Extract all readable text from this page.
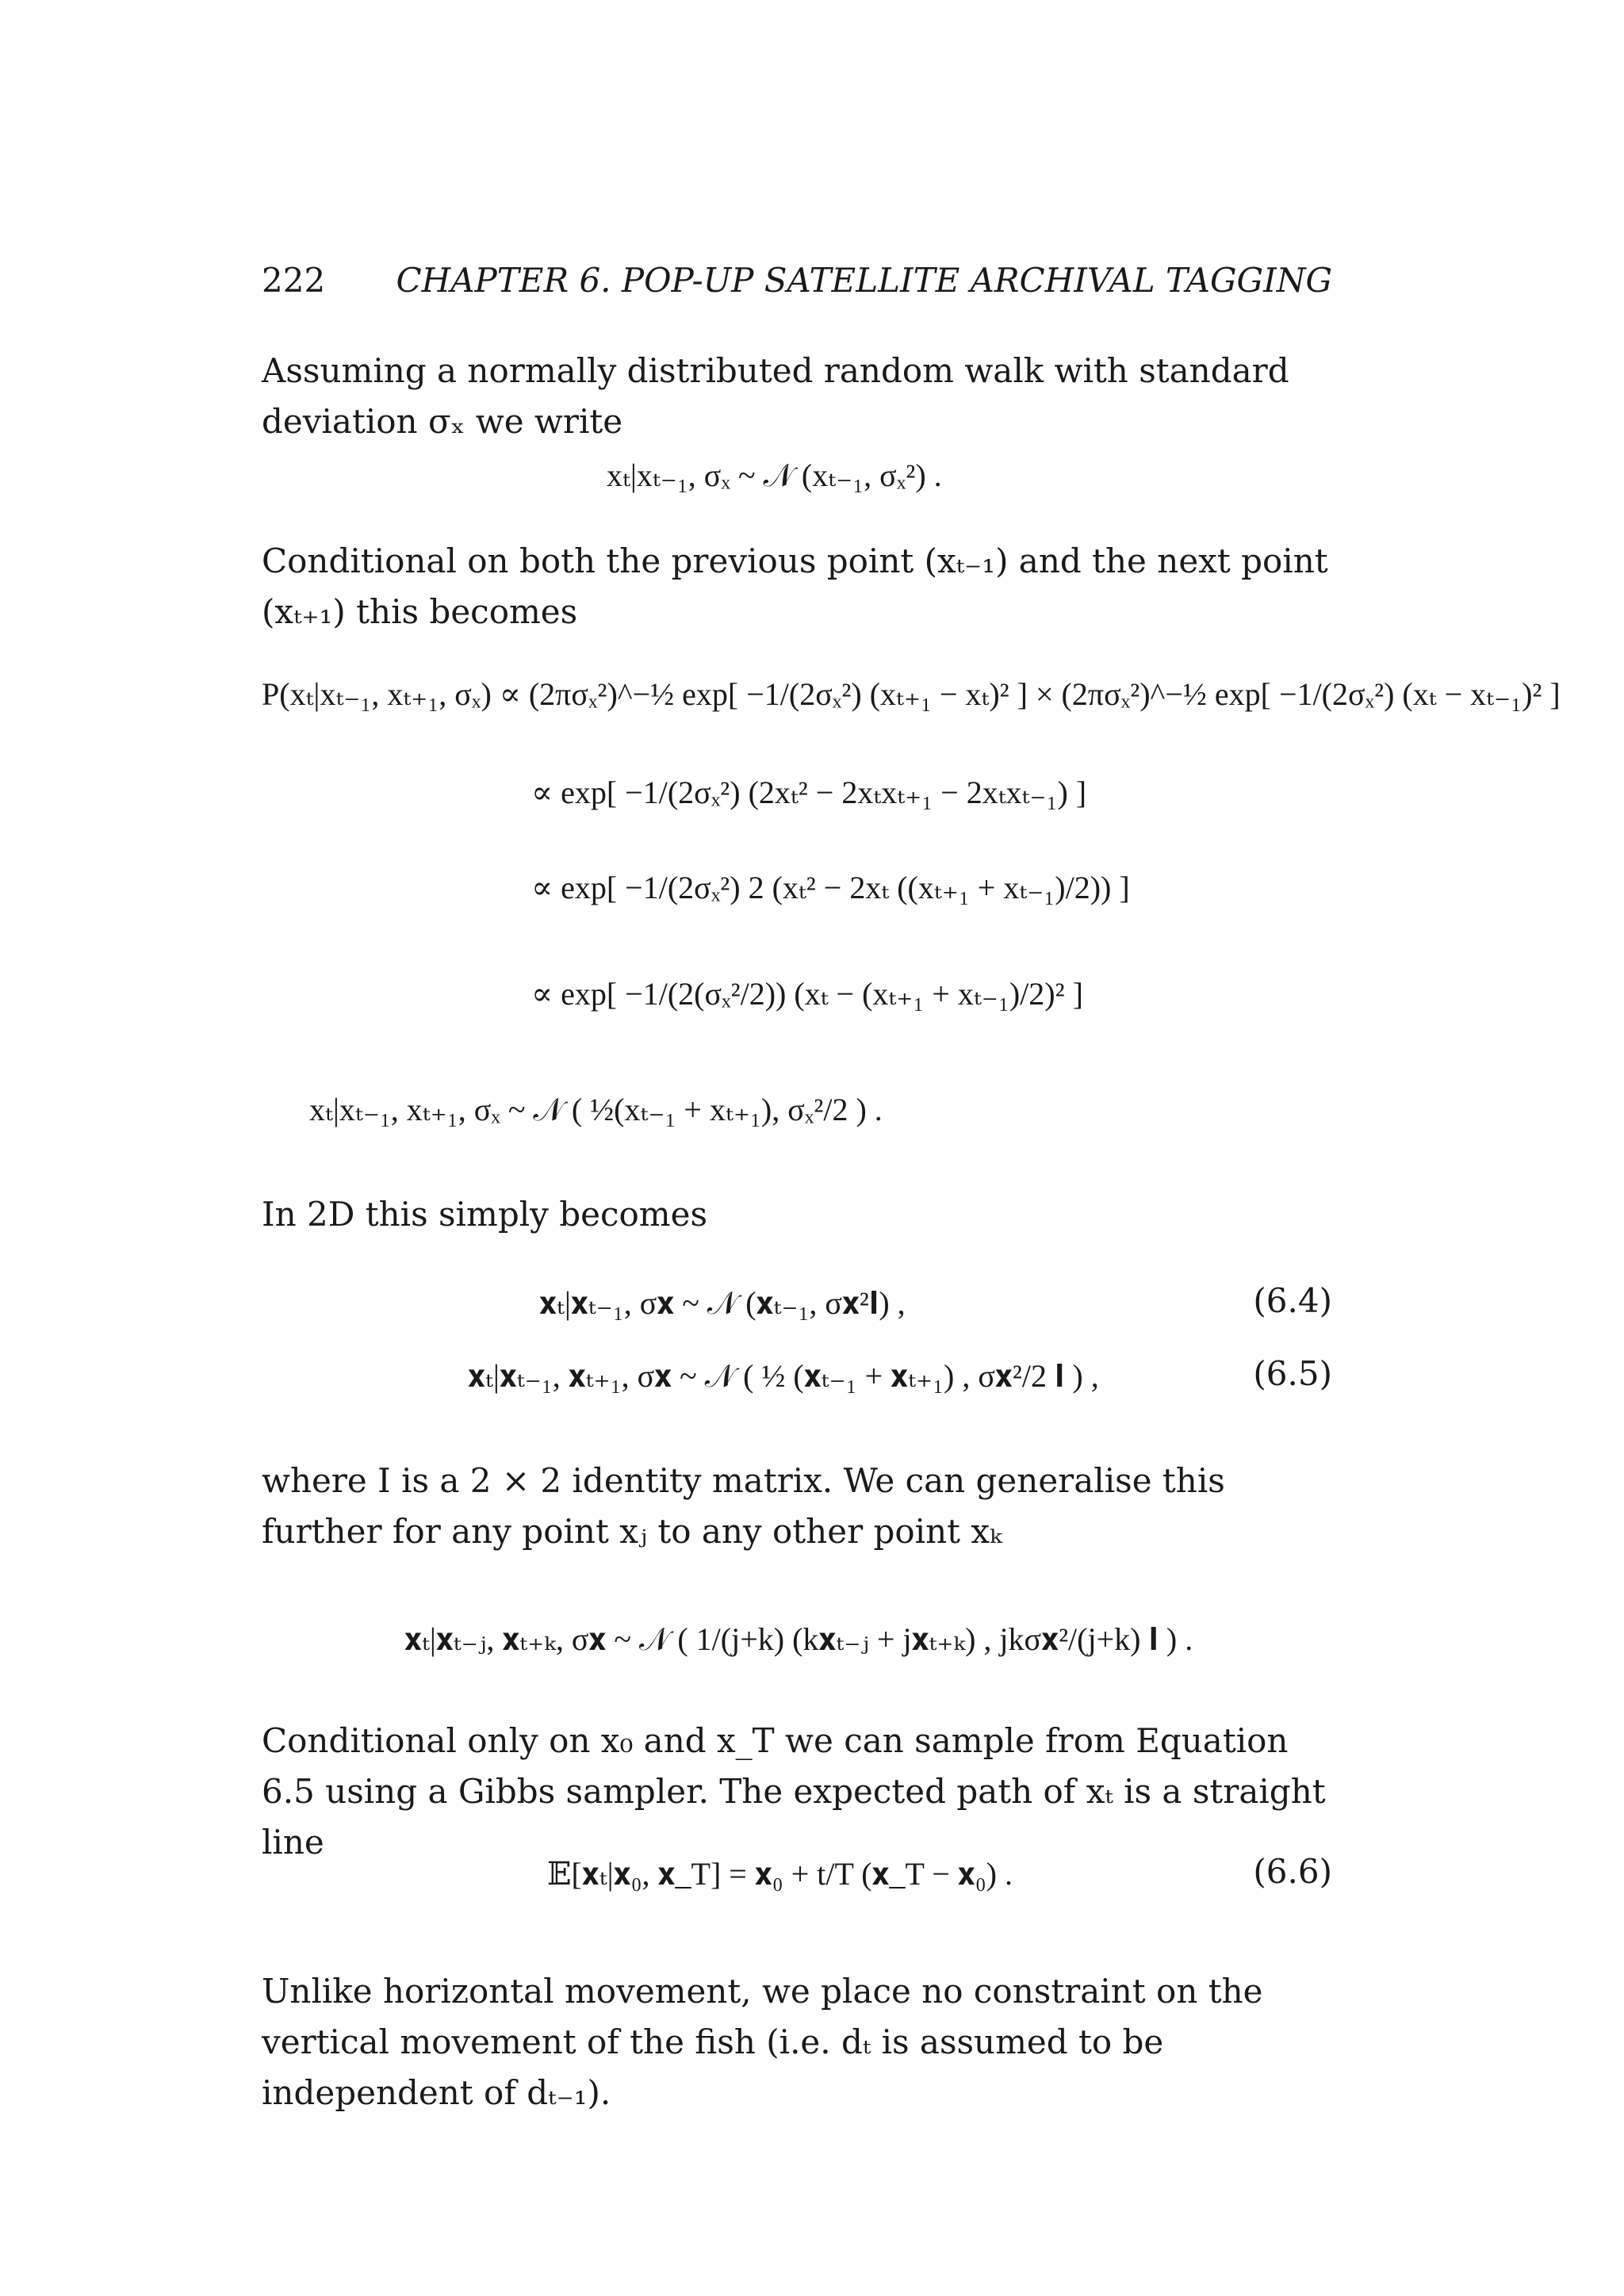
222 CHAPTER 6. POP-UP SATELLITE ARCHIVAL TAGGING

Assuming a normally distributed random walk with standard deviation σₓ we write

xₜ|xₜ₋₁, σₓ ~ 𝒩 (xₜ₋₁, σₓ²) .

Conditional on both the previous point (xₜ₋₁) and the next point (xₜ₊₁) this becomes

P(xₜ|xₜ₋₁, xₜ₊₁, σₓ) ∝ (2πσₓ²)^−½ exp[ −1/(2σₓ²) (xₜ₊₁ − xₜ)² ] × (2πσₓ²)^−½ exp[ −1/(2σₓ²) (xₜ − xₜ₋₁)² ]
∝ exp[ −1/(2σₓ²) (2xₜ² − 2xₜxₜ₊₁ − 2xₜxₜ₋₁) ]
∝ exp[ −1/(2σₓ²) 2 (xₜ² − 2xₜ ((xₜ₊₁ + xₜ₋₁)/2)) ]
∝ exp[ −1/(2(σₓ²/2)) (xₜ − (xₜ₊₁ + xₜ₋₁)/2)² ]
xₜ|xₜ₋₁, xₜ₊₁, σₓ ~ 𝒩 ( ½(xₜ₋₁ + xₜ₊₁), σₓ²/2 ) .

In 2D this simply becomes

𝐱ₜ|𝐱ₜ₋₁, σ𝐱 ~ 𝒩 (𝐱ₜ₋₁, σ𝐱²𝐈) ,	(6.4)
𝐱ₜ|𝐱ₜ₋₁, 𝐱ₜ₊₁, σ𝐱 ~ 𝒩 ( ½ (𝐱ₜ₋₁ + 𝐱ₜ₊₁) , σ𝐱²/2 𝐈 ) ,	(6.5)

where I is a 2 × 2 identity matrix. We can generalise this further for any point xⱼ to any other point xₖ

𝐱ₜ|𝐱ₜ₋ⱼ, 𝐱ₜ₊ₖ, σ𝐱 ~ 𝒩 ( 1/(j+k) (k𝐱ₜ₋ⱼ + j𝐱ₜ₊ₖ) , jkσ𝐱²/(j+k) 𝐈 ) .

Conditional only on x₀ and x_T we can sample from Equation 6.5 using a Gibbs sampler. The expected path of xₜ is a straight line

𝔼[𝐱ₜ|𝐱₀, 𝐱_T] = 𝐱₀ + t/T (𝐱_T − 𝐱₀) .	(6.6)

Unlike horizontal movement, we place no constraint on the vertical movement of the fish (i.e. dₜ is assumed to be independent of dₜ₋₁).
